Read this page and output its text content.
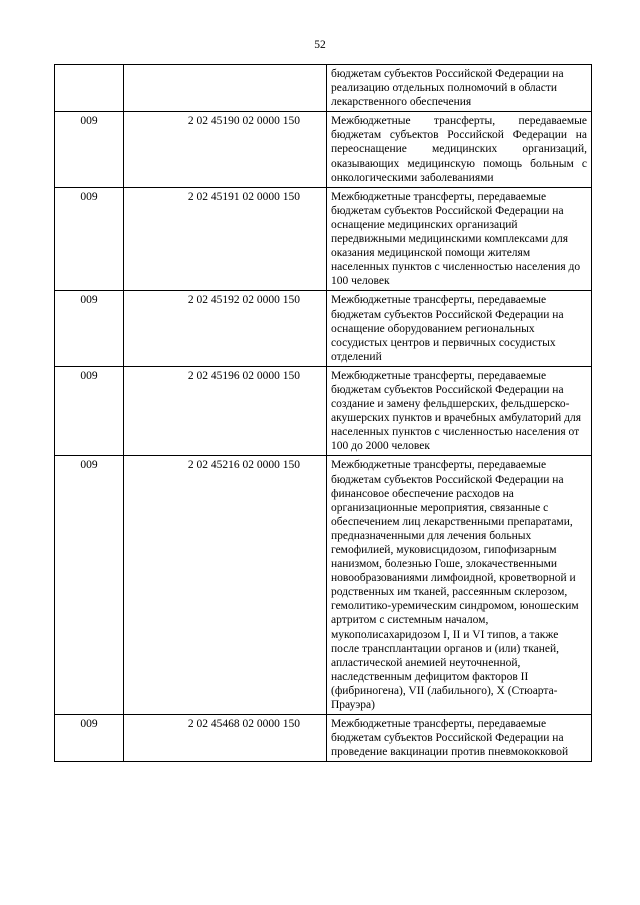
52
		бюджетам субъектов Российской Федерации на реализацию отдельных полномочий в области лекарственного обеспечения
009	2 02 45190 02 0000 150	Межбюджетные трансферты, передаваемые бюджетам субъектов Российской Федерации на переоснащение медицинских организаций, оказывающих медицинскую помощь больным с онкологическими заболеваниями
009	2 02 45191 02 0000 150	Межбюджетные трансферты, передаваемые бюджетам субъектов Российской Федерации на оснащение медицинских организаций передвижными медицинскими комплексами для оказания медицинской помощи жителям населенных пунктов с численностью населения до 100 человек
009	2 02 45192 02 0000 150	Межбюджетные трансферты, передаваемые бюджетам субъектов Российской Федерации на оснащение оборудованием региональных сосудистых центров и первичных сосудистых отделений
009	2 02 45196 02 0000 150	Межбюджетные трансферты, передаваемые бюджетам субъектов Российской Федерации на создание и замену фельдшерских, фельдшерско-акушерских пунктов и врачебных амбулаторий для населенных пунктов с численностью населения от 100 до 2000 человек
009	2 02 45216 02 0000 150	Межбюджетные трансферты, передаваемые бюджетам субъектов Российской Федерации на финансовое обеспечение расходов на организационные мероприятия, связанные с обеспечением лиц лекарственными препаратами, предназначенными для лечения больных гемофилией, муковисцидозом, гипофизарным нанизмом, болезнью Гоше, злокачественными новообразованиями лимфоидной, кроветворной и родственных им тканей, рассеянным склерозом, гемолитико-уремическим синдромом, юношеским артритом с системным началом, мукополисахаридозом I, II и VI типов, а также после трансплантации органов и (или) тканей, апластической анемией неуточненной, наследственным дефицитом факторов II (фибриногена), VII (лабильного), X (Стюарта-Прауэра)
009	2 02 45468 02 0000 150	Межбюджетные трансферты, передаваемые бюджетам субъектов Российской Федерации на проведение вакцинации против пневмококковой
